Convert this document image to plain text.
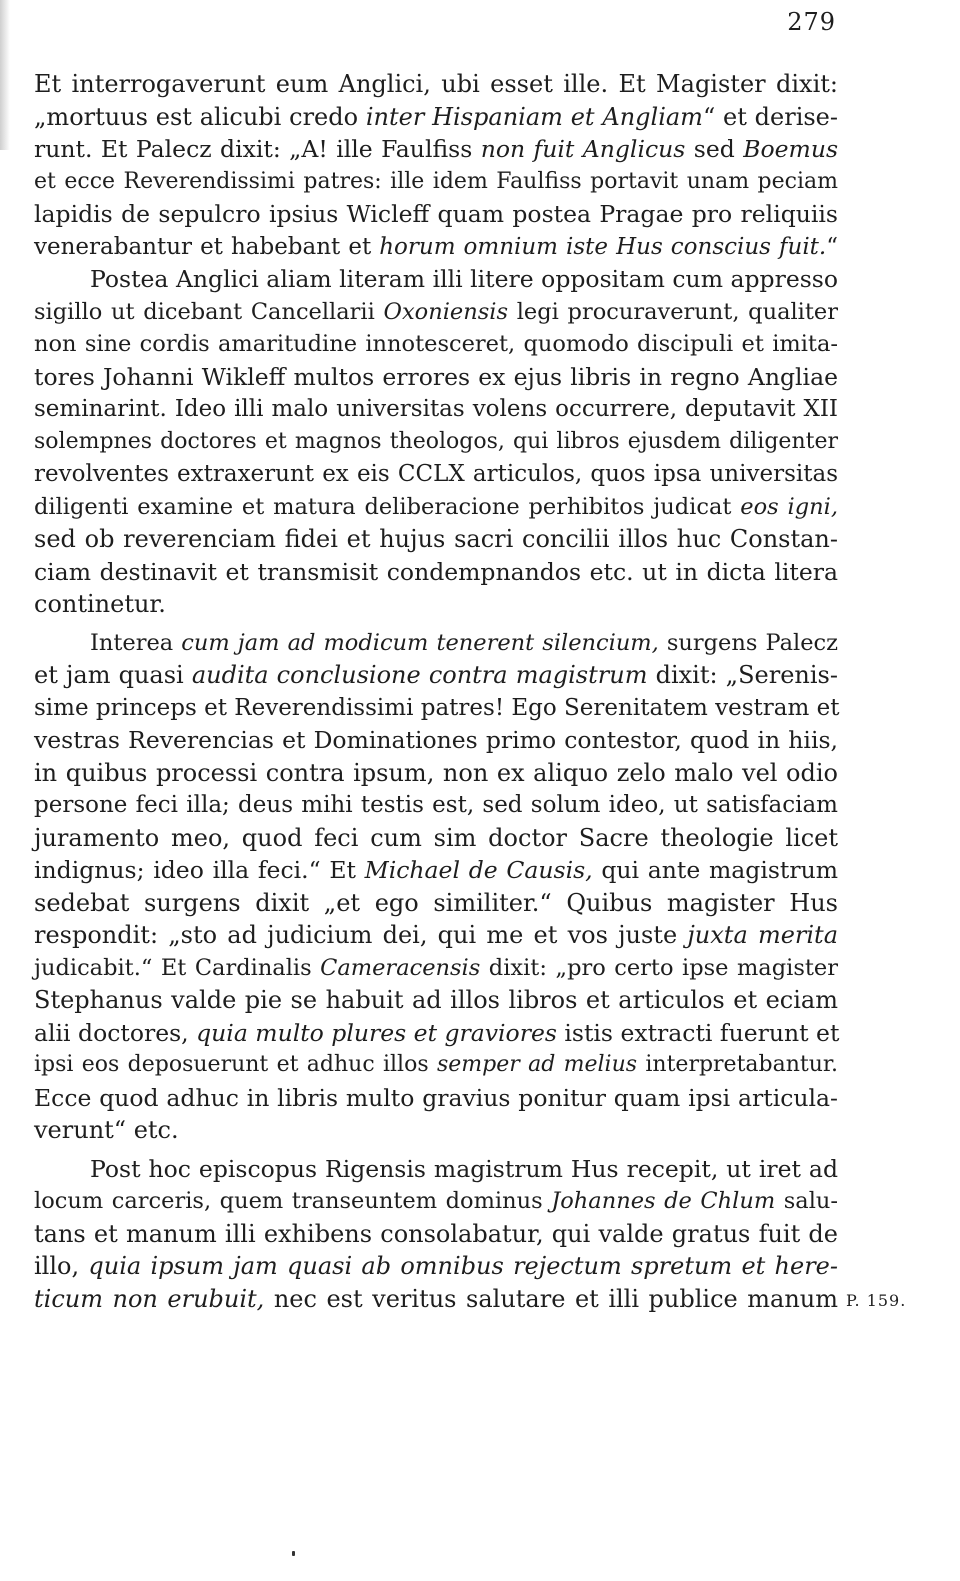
279
Et interrogaverunt eum Anglici, ubi esset ille. Et Magister dixit:
„mortuus est alicubi credo inter Hispaniam et Angliam“ et derise-
runt. Et Palecz dixit: „A! ille Faulfiss non fuit Anglicus sed Boemus
et ecce Reverendissimi patres: ille idem Faulfiss portavit unam peciam
lapidis de sepulcro ipsius Wicleff quam postea Pragae pro reliquiis
venerabantur et habebant et horum omnium iste Hus conscius fuit.“
Postea Anglici aliam literam illi litere oppositam cum appresso
sigillo ut dicebant Cancellarii Oxoniensis legi procuraverunt, qualiter
non sine cordis amaritudine innotesceret, quomodo discipuli et imita-
tores Johanni Wikleff multos errores ex ejus libris in regno Angliae
seminarint. Ideo illi malo universitas volens occurrere, deputavit XII
solempnes doctores et magnos theologos, qui libros ejusdem diligenter
revolventes extraxerunt ex eis CCLX articulos, quos ipsa universitas
diligenti examine et matura deliberacione perhibitos judicat eos igni,
sed ob reverenciam fidei et hujus sacri concilii illos huc Constan-
ciam destinavit et transmisit condempnandos etc. ut in dicta litera
continetur.
Interea cum jam ad modicum tenerent silencium, surgens Palecz
et jam quasi audita conclusione contra magistrum dixit: „Serenis-
sime princeps et Reverendissimi patres! Ego Serenitatem vestram et
vestras Reverencias et Dominationes primo contestor, quod in hiis,
in quibus processi contra ipsum, non ex aliquo zelo malo vel odio
persone feci illa; deus mihi testis est, sed solum ideo, ut satisfaciam
juramento meo, quod feci cum sim doctor Sacre theologie licet
indignus; ideo illa feci.“ Et Michael de Causis, qui ante magistrum
sedebat surgens dixit „et ego similiter.“ Quibus magister Hus
respondit: „sto ad judicium dei, qui me et vos juste juxta merita
judicabit.“ Et Cardinalis Cameracensis dixit: „pro certo ipse magister
Stephanus valde pie se habuit ad illos libros et articulos et eciam
alii doctores, quia multo plures et graviores istis extracti fuerunt et
ipsi eos deposuerunt et adhuc illos semper ad melius interpretabantur.
Ecce quod adhuc in libris multo gravius ponitur quam ipsi articula-
verunt“ etc.
Post hoc episcopus Rigensis magistrum Hus recepit, ut iret ad
locum carceris, quem transeuntem dominus Johannes de Chlum salu-
tans et manum illi exhibens consolabatur, qui valde gratus fuit de
illo, quia ipsum jam quasi ab omnibus rejectum spretum et here-
ticum non erubuit, nec est veritus salutare et illi publice manum P. 159.
